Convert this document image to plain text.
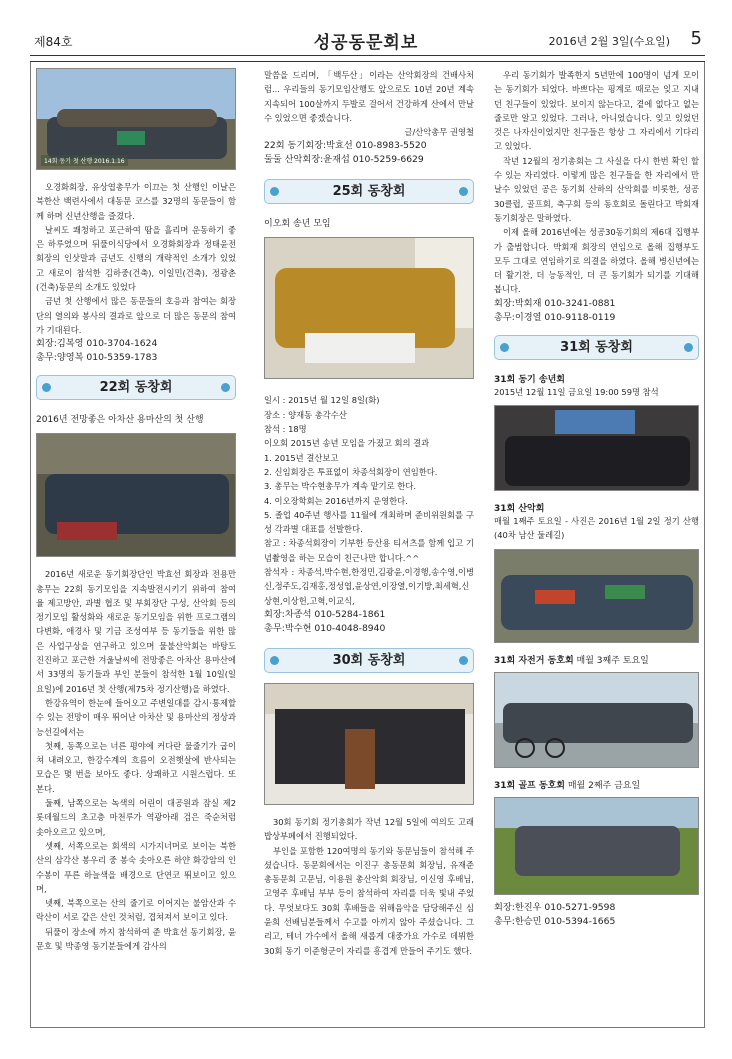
제84호	성공동문회보	2016년 2월 3일(수요일) 5
14회 동기 첫 산행 2016.1.16

오경화회장, 유상엽총무가 이끄는 첫 산행인 이날은 북한산 백련사에서 대동문 코스를 32명의 동문들이 함께 하며 신년산행을 즐겼다.

날씨도 쾌청하고 포근하여 땀을 흘리며 운동하기 좋은 하루였으며 뒤풀이식당에서 오경화회장과 정태윤전회장의 인삿말과 금년도 신행의 개략적인 소개가 있었고 새로이 참석한 김하중(건축), 이일민(건축), 정광춘(건축)동문의 소개도 있었다

금년 첫 산행에서 많은 동문들의 호응과 참여는 회장단의 열의와 봉사의 결과로 앞으로 더 많은 동문의 참여가 기대된다.

회장:김복영 010-3704-1624

총무:양영복 010-5359-1783

22회 동창회

2016년 전망좋은 아차산 용마산의 첫 산행

2016년 새로운 동기회장단인 박효선 회장과 전용만 총무는 22회 동기모임을 지속발전시키기 위하여 참여율 제고방안, 과별 협조 및 부회장단 구성, 산악회 등의 정기모임 활성화와 새로운 동기모임을 위한 프로그램의 다변화, 애경사 및 기금 조성여부 등 동기들을 위한 많은 사업구상을 연구하고 있으며 물불산악회는 바탕도 진진하고 포근한 겨울날씨에 전망좋은 아차산 용마산에서 33명의 동기들과 부인 분들이 참석한 1월 10일(일요일)에 2016년 첫 산행(제75차 정기산행)을 하였다.

한강유역이 한눈에 들어오고 주변일대를 감시·통제할 수 있는 전망이 매우 뛰어난 아차산 및 용마산의 정상과 능선길에서는

첫째, 동쪽으로는 너른 평야에 커다란 물줄기가 굽이쳐 내려오고, 한강수계의 흐름이 오전햇살에 반사되는 모습은 몇 번을 보아도 좋다. 상쾌하고 시원스럽다. 또 본다.

둘째, 남쪽으로는 녹색의 어린이 대공원과 잠실 제2롯데월드의 초고층 마천루가 역광아래 검은 죽순처럼 솟아오르고 있으며,

셋째, 서쪽으로는 회색의 시가지너머로 보이는 북한산의 삼각산 봉우리 중 봉숙 솟아오른 하얀 화강암의 인수봉이 푸른 하늘색을 배경으로 단연코 뛰보이고 있으며,

넷째, 북쪽으로는 산의 줄기로 이어지는 불암산과 수락산이 서로 같은 산인 것처럼, 겹쳐져서 보이고 있다.

뒤풀이 장소에 까지 참석하여 준 박효선 동기회장, 윤문호 및 박종영 동기분들에게 감사의

말씀을 드리며, 「백두산」이라는 산악회장의 건배사처럼... 우리들의 동기모임산행도 앞으로도 10년 20년 계속지속되어 100살까지 두발로 걸어서 건강하게 산에서 만날 수 있었으면 좋겠습니다.

글/산악총무 권영철

22회 동기회장:박효선 010-8983-5520

둘둘 산악회장:윤재섭 010-5259-6629

25회 동창회

이오회 송년 모임

일시 : 2015년 월 12일 8일(화)

장소 : 양재동 총각수산

참석 : 18명

이오회 2015년 송년 모임을 가졌고 회의 결과

1. 2015년 결산보고

2. 신임회장은 투표없이 차종석회장이 연임한다.

3. 총무는 박수현총무가 계속 맡기로 한다.

4. 이오장학회는 2016년까지 운영한다.

5. 졸업 40주년 행사를 11월에 개최하며 준비위원회를 구성 각과별 대표를 선발한다.

참고 : 차종석회장이 기부한 등산용 티셔츠를 함께 입고 기념촬영을 하는 모습이 친근나만 합니다.^^

참석자 : 차종석,박수현,한정민,김광윤,이경행,송수영,이병신,정주도,김재홍,정성엽,윤상연,이장열,이기방,최세혁,신상현,이상헌,고혁,이교식,

회장:차종석 010-5284-1861

총무:박수현 010-4048-8940

30회 동창회

30회 동기회 정기총회가 작년 12월 5일에 여의도 고래밥상부페에서 진행되었다.

부인을 포함한 120여명의 동기와 동문님들이 참석해 주셨습니다. 동문회에서는 이진구 총동문회 회장님, 유재준 총동문회 고문님, 이용원 총산악회 회장님, 이신영 후배님, 고영주 후배님 부부 등이 참석하여 자리를 더욱 빛내 주었다. 무엇보다도 30회 후배들을 위해음악을 담당해주신 심윤희 선배님분들께서 수고를 아끼지 않아 주셨습니다. 그리고, 테너 가수에서 올해 새롭게 대중가요 가수로 데뷔한 30회 동기 이준형군이 자리를 흥겹게 만들어 주기도 했다.

우리 동기회가 발족한지 5년만에 100명이 넘게 모이는 동기회가 되었다. 바쁘다는 핑계로 때로는 잊고 지내던 친구들이 있었다. 보이지 않는다고, 곁에 없다고 없는 줄로만 알고 있었다. 그러나, 아니었습니다. 잊고 있었던 것은 나자신이었지만 친구들은 항상 그 자리에서 기다리고 있었다.

작년 12월의 정기총회는 그 사실을 다시 한번 확인 할 수 있는 자리였다. 이렇게 많은 친구들을 한 자리에서 만날수 있었던 공은 동기회 산하의 산악회를 비롯한, 성공30클럽, 골프회, 축구회 등의 동호회로 돌린다고 박회재 동기회장은 말하였다.

이제 올해 2016년에는 성공30동기회의 제6대 집행부가 출범합니다. 박회재 회장의 연임으로 올해 집행부도 모두 그대로 연임하기로 의결을 하였다. 올해 병신년에는 더 활기찬, 더 능동적인, 더 큰 동기회가 되기를 기대해 봅니다.

회장:박회재 010-3241-0881

총무:이경열 010-9118-0119

31회 동창회

31회 동기 송년회

2015년 12월 11일 금요일 19:00 59명 참석

31회 산악회

매월 1째주 토요일 - 사진은 2016년 1월 2일 정기 산행 (40차 남산 둘레길)

31회 자전거 동호회 매월 3째주 토요일

31회 골프 동호회 매월 2째주 금요일

회장:한진우 010-5271-9598

총무:한승민 010-5394-1665
